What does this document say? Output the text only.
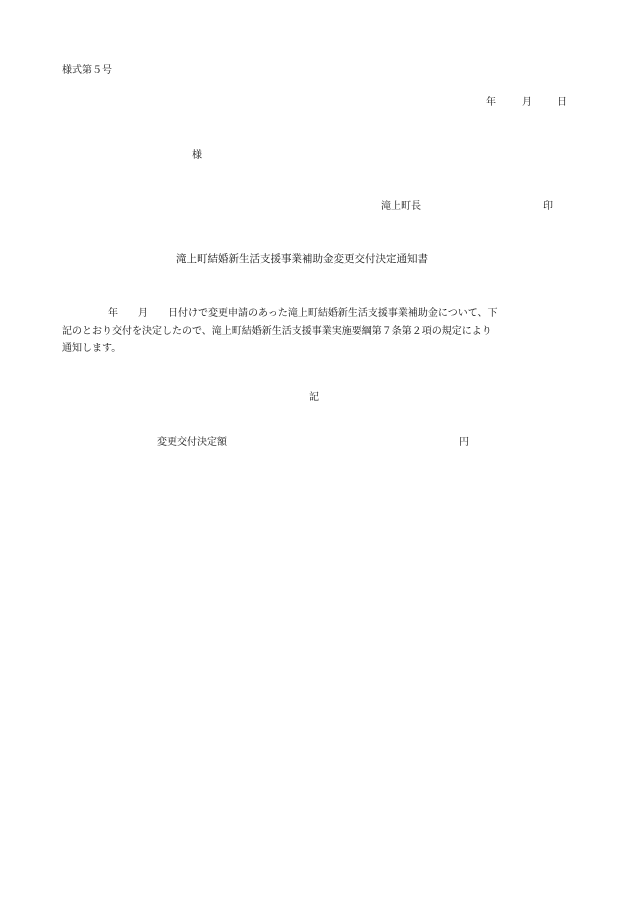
様式第５号
年	月	日
様
滝上町長	印
滝上町結婚新生活支援事業補助金変更交付決定通知書
年　　月　　日付けで変更申請のあった滝上町結婚新生活支援事業補助金について、下
記のとおり交付を決定したので、滝上町結婚新生活支援事業実施要綱第７条第２項の規定により
通知します。
記
変更交付決定額	円
